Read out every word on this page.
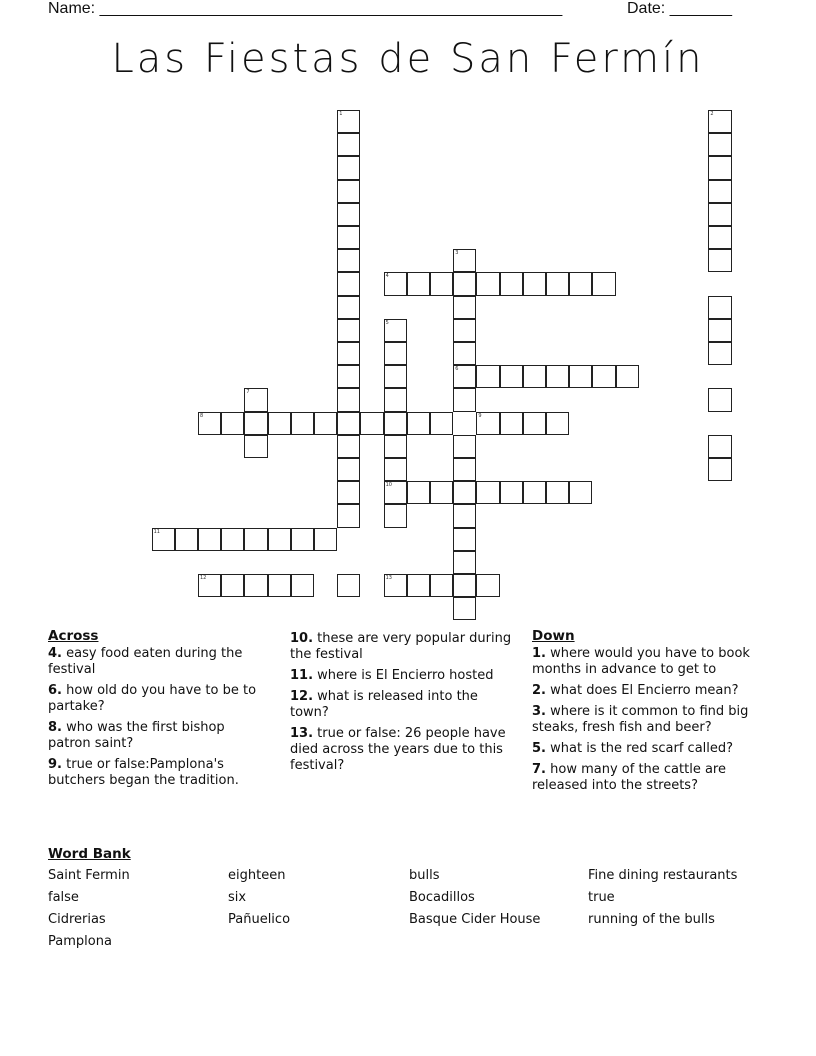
Name: ____________________________________________________	Date: _______
Las Fiestas de San Fermín
1	2
3
4
5
6
7
8	9
10
11
12	13
Across
4. easy food eaten during the festival
6. how old do you have to be to partake?
8. who was the first bishop patron saint?
9. true or false:Pamplona's butchers began the tradition.
10. these are very popular during the festival
11. where is El Encierro hosted
12. what is released into the town?
13. true or false: 26 people have died across the years due to this festival?
Down
1. where would you have to book months in advance to get to
2. what does El Encierro mean?
3. where is it common to find big steaks, fresh fish and beer?
5. what is the red scarf called?
7. how many of the cattle are released into the streets?
Word Bank
Saint Fermin	eighteen	bulls	Fine dining restaurants
false	six	Bocadillos	true
Cidrerias	Pañuelico	Basque Cider House	running of the bulls
Pamplona
